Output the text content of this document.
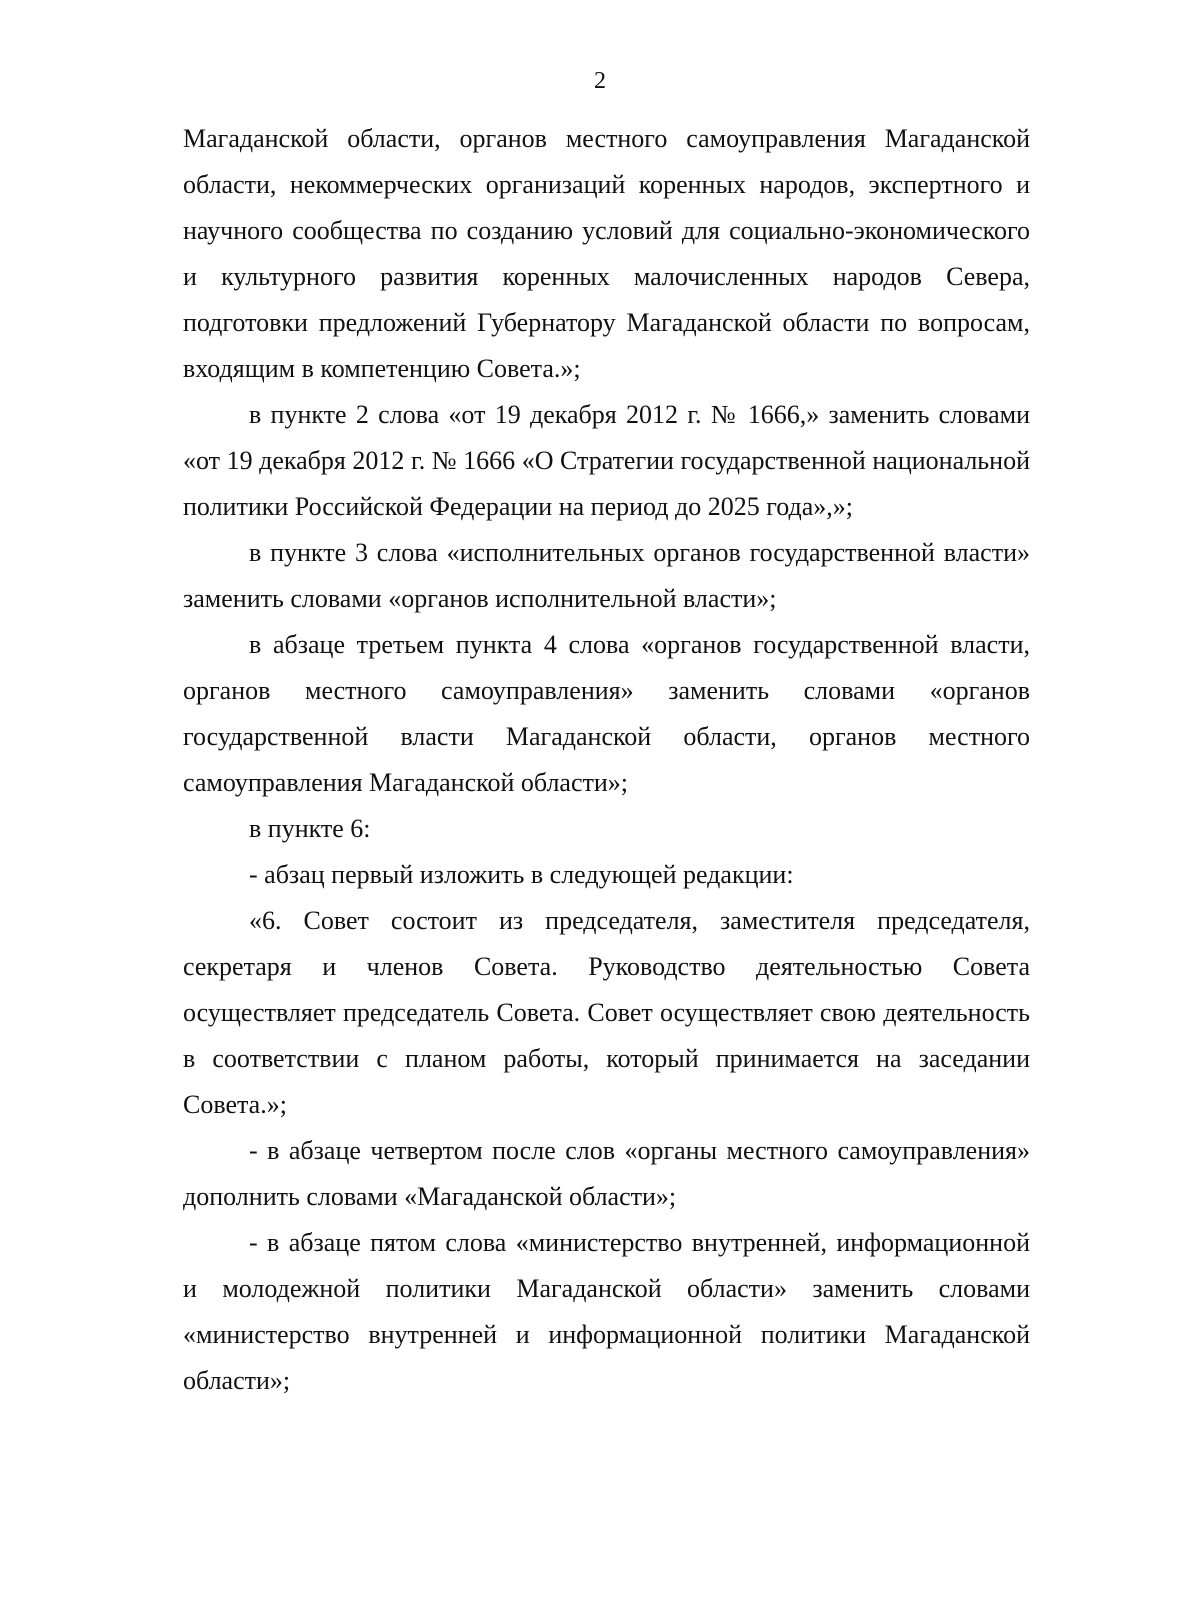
2

Магаданской области, органов местного самоуправления Магаданской области, некоммерческих организаций коренных народов, экспертного и научного сообщества по созданию условий для социально-экономического и культурного развития коренных малочисленных народов Севера, подготовки предложений Губернатору Магаданской области по вопросам, входящим в компетенцию Совета.»;

в пункте 2 слова «от 19 декабря 2012 г. № 1666,» заменить словами «от 19 декабря 2012 г. № 1666 «О Стратегии государственной национальной политики Российской Федерации на период до 2025 года»,»;

в пункте 3 слова «исполнительных органов государственной власти» заменить словами «органов исполнительной власти»;

в абзаце третьем пункта 4 слова «органов государственной власти, органов местного самоуправления» заменить словами «органов государственной власти Магаданской области, органов местного самоуправления Магаданской области»;

в пункте 6:

- абзац первый изложить в следующей редакции:

«6. Совет состоит из председателя, заместителя председателя, секретаря и членов Совета. Руководство деятельностью Совета осуществляет председатель Совета. Совет осуществляет свою деятельность в соответствии с планом работы, который принимается на заседании Совета.»;

- в абзаце четвертом после слов «органы местного самоуправления» дополнить словами «Магаданской области»;

- в абзаце пятом слова «министерство внутренней, информационной и молодежной политики Магаданской области» заменить словами «министерство внутренней и информационной политики Магаданской области»;
